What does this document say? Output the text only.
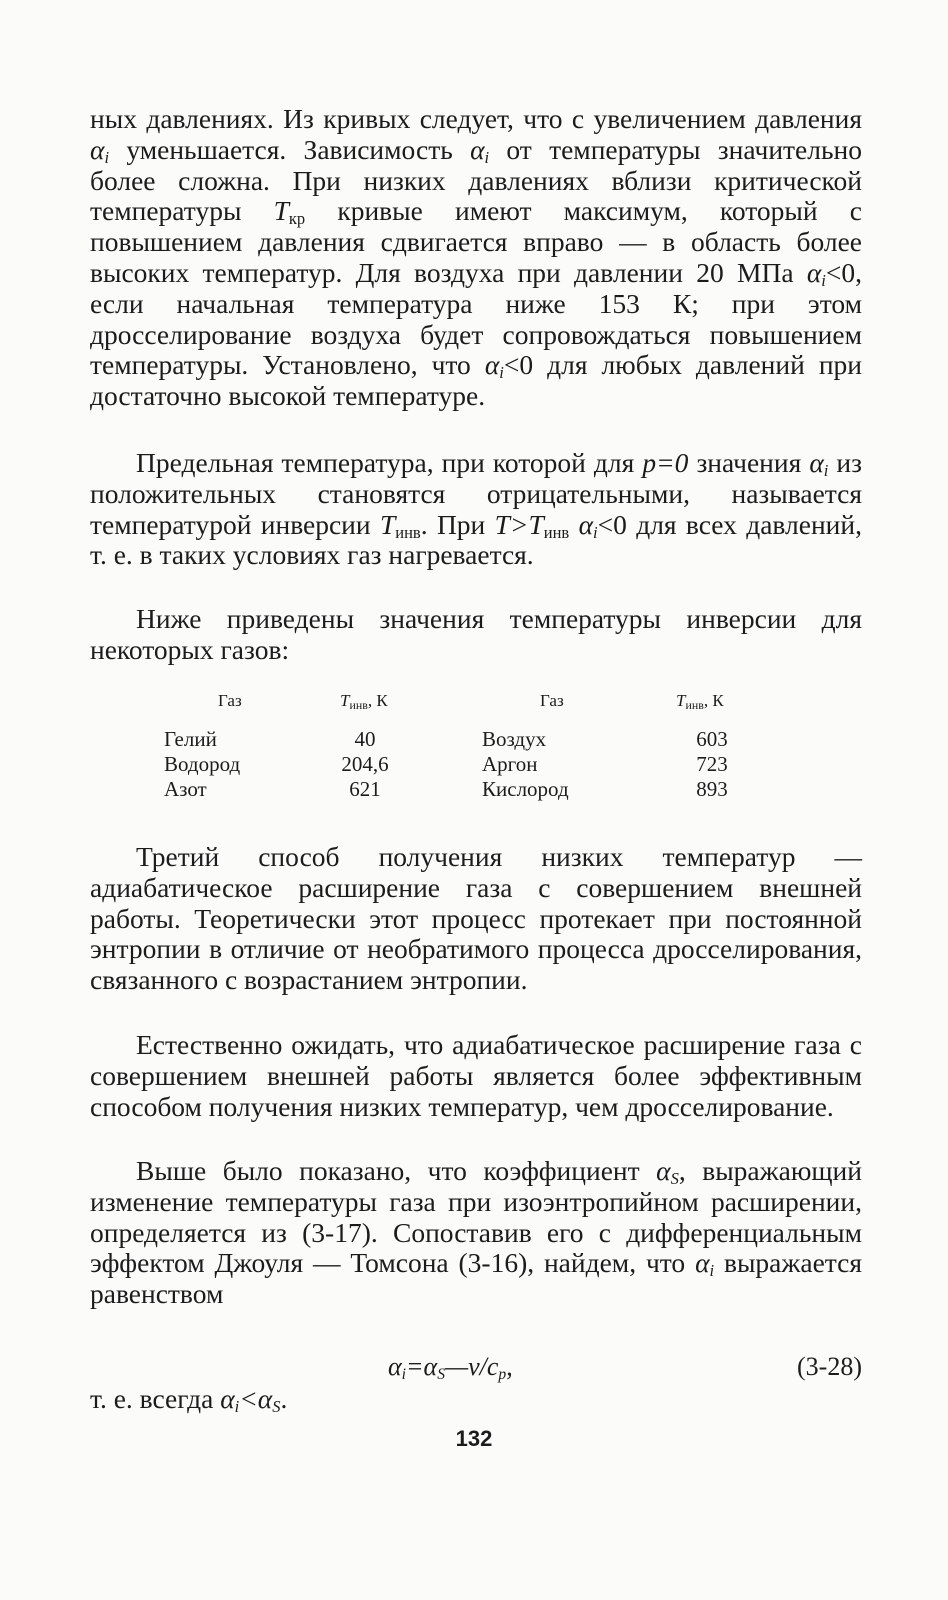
ных давлениях. Из кривых следует, что с увеличением давления $\alpha_i$ уменьшается. Зависимость $\alpha_i$ от температуры значительно более сложна. При низких давлениях вблизи критической температуры $T_{кр}$ кривые имеют максимум, который с повышением давления сдвигается вправо — в область более высоких температур. Для воздуха при давлении 20 МПа $\alpha_i<0$, если начальная температура ниже 153 К; при этом дросселирование воздуха будет сопровождаться повышением температуры. Установлено, что $\alpha_i<0$ для любых давлений при достаточно высокой температуре.

Предельная температура, при которой для p=0 значения $\alpha_i$ из положительных становятся отрицательными, называется температурой инверсии $T_{инв}$. При $T>T_{инв}$ $\alpha_i<0$ для всех давлений, т. е. в таких условиях газ нагревается.

Ниже приведены значения температуры инверсии для некоторых газов:

Газ	$T_{инв}$, К	Газ	$T_{инв}$, К
Гелий	40	Воздух	603
Водород	204,6	Аргон	723
Азот	621	Кислород	893

Третий способ получения низких температур — адиабатическое расширение газа с совершением внешней работы. Теоретически этот процесс протекает при постоянной энтропии в отличие от необратимого процесса дросселирования, связанного с возрастанием энтропии.

Естественно ожидать, что адиабатическое расширение газа с совершением внешней работы является более эффективным способом получения низких температур, чем дросселирование.

Выше было показано, что коэффициент $\alpha_S$, выражающий изменение температуры газа при изоэнтропийном расширении, определяется из (3-17). Сопоставив его с дифференциальным эффектом Джоуля — Томсона (3-16), найдем, что $\alpha_i$ выражается равенством

$\alpha_i=\alpha_S—v/c_p$,	(3-28)
т. е. всегда $\alpha_i<\alpha_S$.
132
